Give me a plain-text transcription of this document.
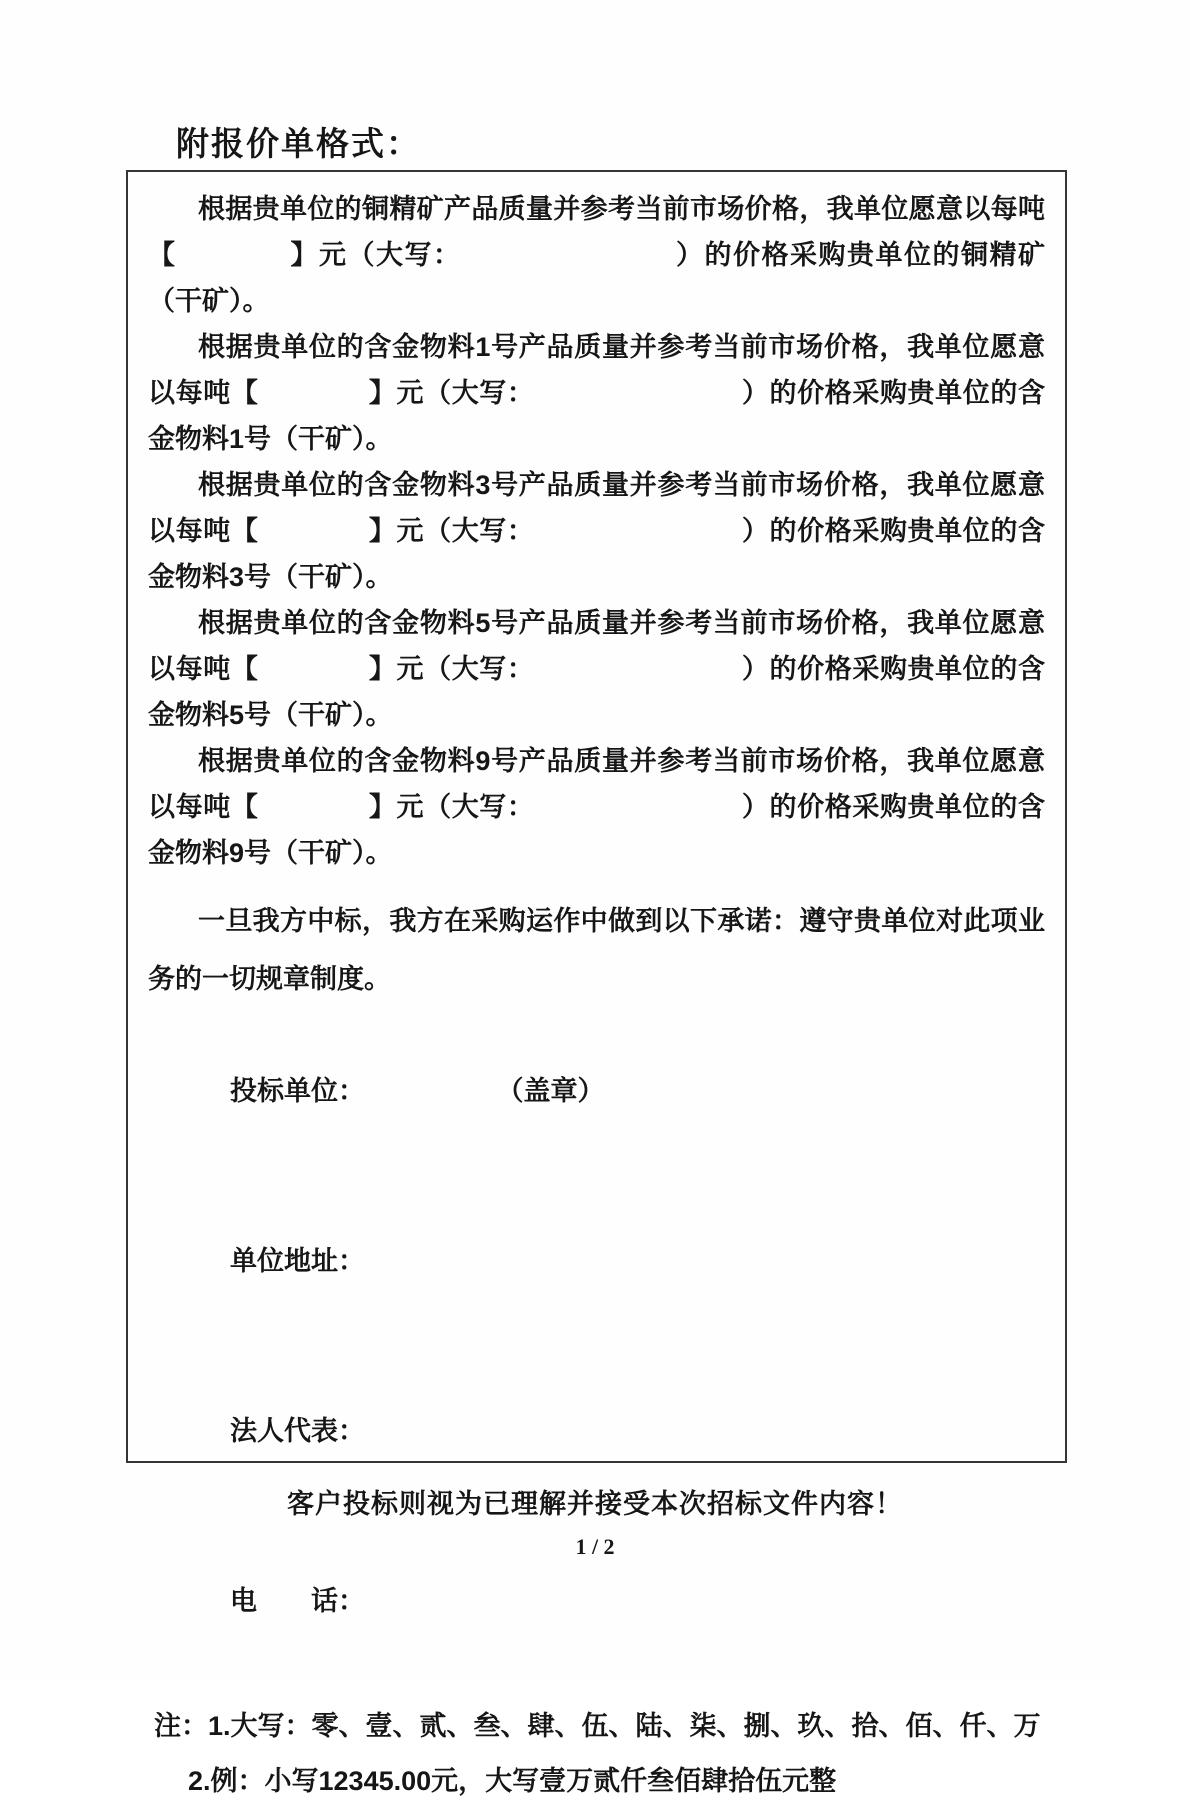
附报价单格式：

根据贵单位的铜精矿产品质量并参考当前市场价格，我单位愿意以每吨【　　　　】元（大写：　　　　　　　　）的价格采购贵单位的铜精矿（干矿）。

根据贵单位的含金物料1号产品质量并参考当前市场价格，我单位愿意以每吨【　　　　】元（大写：　　　　　　　　）的价格采购贵单位的含金物料1号（干矿）。

根据贵单位的含金物料3号产品质量并参考当前市场价格，我单位愿意以每吨【　　　　】元（大写：　　　　　　　　）的价格采购贵单位的含金物料3号（干矿）。

根据贵单位的含金物料5号产品质量并参考当前市场价格，我单位愿意以每吨【　　　　】元（大写：　　　　　　　　）的价格采购贵单位的含金物料5号（干矿）。

根据贵单位的含金物料9号产品质量并参考当前市场价格，我单位愿意以每吨【　　　　】元（大写：　　　　　　　　）的价格采购贵单位的含金物料9号（干矿）。

一旦我方中标，我方在采购运作中做到以下承诺：遵守贵单位对此项业务的一切规章制度。

投标单位：	（盖章）

单位地址：

法人代表：

电　　话：

注：1.大写：零、壹、贰、叁、肆、伍、陆、柒、捌、玖、拾、佰、仟、万

2.例：小写12345.00元，大写壹万贰仟叁佰肆拾伍元整

客户投标则视为已理解并接受本次招标文件内容！
1 / 2
